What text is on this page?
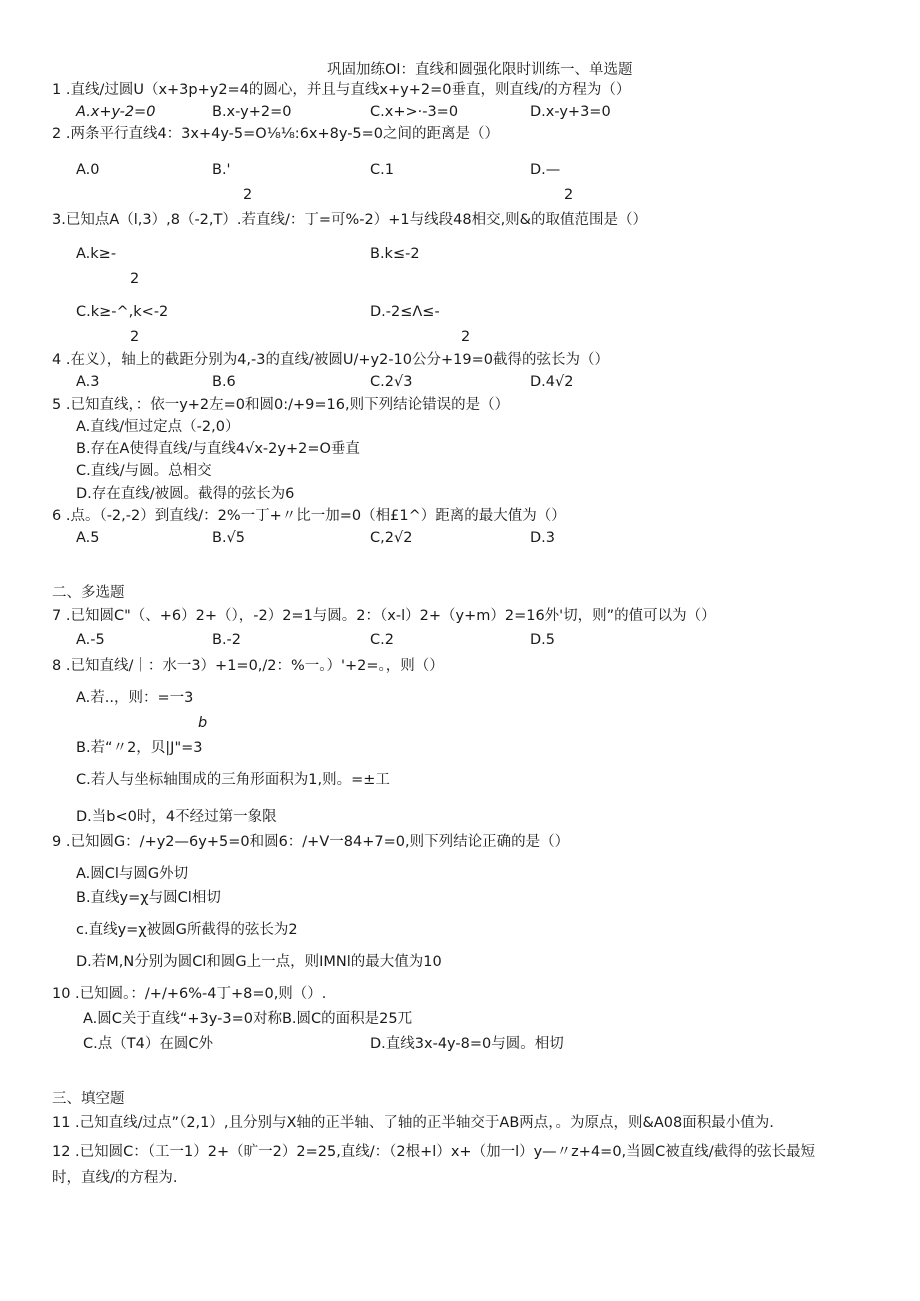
巩固加练Ol：直线和圆强化限时训练一、单选题
1 .直线/过圆U（x+3p+y2=4的圆心，并且与直线x+y+2=0垂直，则直线/的方程为（）
A.x+y-2=0	B.x-y+2=0	C.x+>·-3=0	D.x-y+3=0
2 .两条平行直线4：3x+4y-5=O⅛⅛:6x+8y-5=0之间的距离是（）
A.0	B.'	C.1	D.—
2	2
3.已知点A（l,3）,8（-2,T）.若直线/：丁=可%-2）+1与线段48相交,则&的取值范围是（）
A.k≥-	B.k≤-2
2
C.k≥-^,k<-2	D.-2≤Λ≤-
2	2
4 .在义），轴上的截距分别为4,-3的直线/被圆U/+y2-10公分+19=0截得的弦长为（）
A.3	B.6	C.2√3	D.4√2
5 .已知直线，：依一y+2左=0和圆0:/+9=16,则下列结论错误的是（）
A.直线/恒过定点（-2,0）
B.存在A使得直线/与直线4√x-2y+2=O垂直
C.直线/与圆。总相交
D.存在直线/被圆。截得的弦长为6
6 .点。（-2,-2）到直线/：2%一丁+〃比一加=0（相£1^）距离的最大值为（）
A.5	B.√5	C,2√2	D.3
二、多选题
7 .已知圆C"（、+6）2+（），-2）2=1与圆。2：（x-l）2+（y+m）2=16外'切，则”的值可以为（）
A.-5	B.-2	C.2	D.5
8 .已知直线/｜：水一3）+1=0,/2：%一。）'+2=。，则（）
A.若..，则：=一3
b
B.若“〃2，贝|J"=3
C.若人与坐标轴围成的三角形面积为1,则。=±工
D.当b<0时，4不经过第一象限
9 .已知圆G：/+y2—6y+5=0和圆6：/+V一84+7=0,则下列结论正确的是（）
A.圆Cl与圆G外切
B.直线y=χ与圆Cl相切
c.直线y=χ被圆G所截得的弦长为2
D.若M,N分别为圆Cl和圆G上一点，则IMNl的最大值为10
10 .已知圆。：/+/+6%-4丁+8=0,则（）.
A.圆C关于直线“+3y-3=0对称B.圆C的面积是25兀
C.点（T4）在圆C外	D.直线3x-4y-8=0与圆。相切
三、填空题
11 .己知直线/过点”（2,1）,且分别与X轴的正半轴、了轴的正半轴交于AB两点，。为原点，则&A08面积最小值为.
12 .已知圆C：（工一1）2+（旷一2）2=25,直线/：（2根+l）x+（加一l）y—〃z+4=0,当圆C被直线/截得的弦长最短
时，直线/的方程为.
